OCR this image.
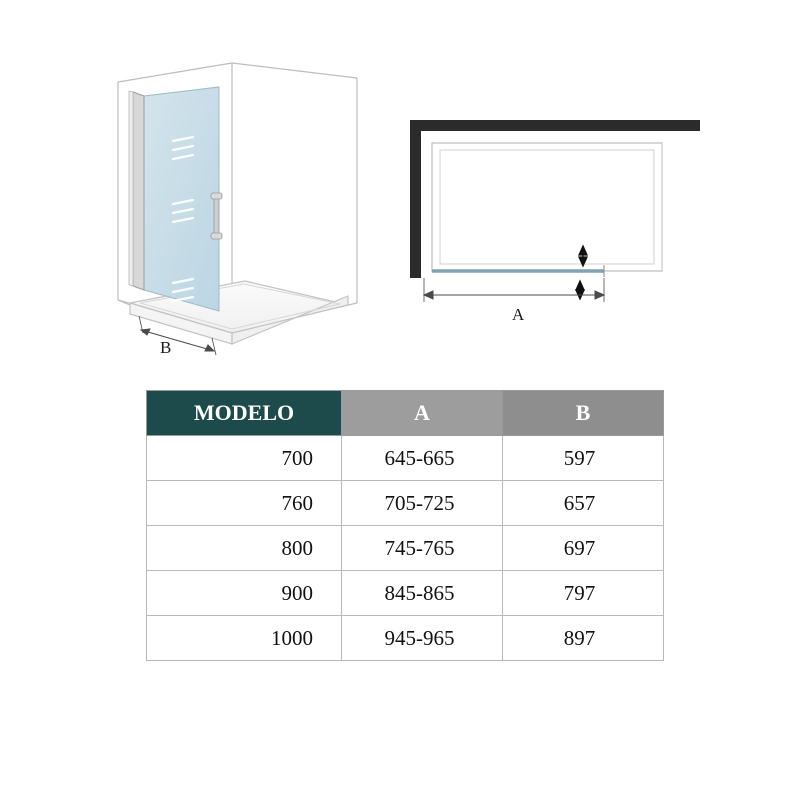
B
A
MODELO	A	B
700	645-665	597
760	705-725	657
800	745-765	697
900	845-865	797
1000	945-965	897
